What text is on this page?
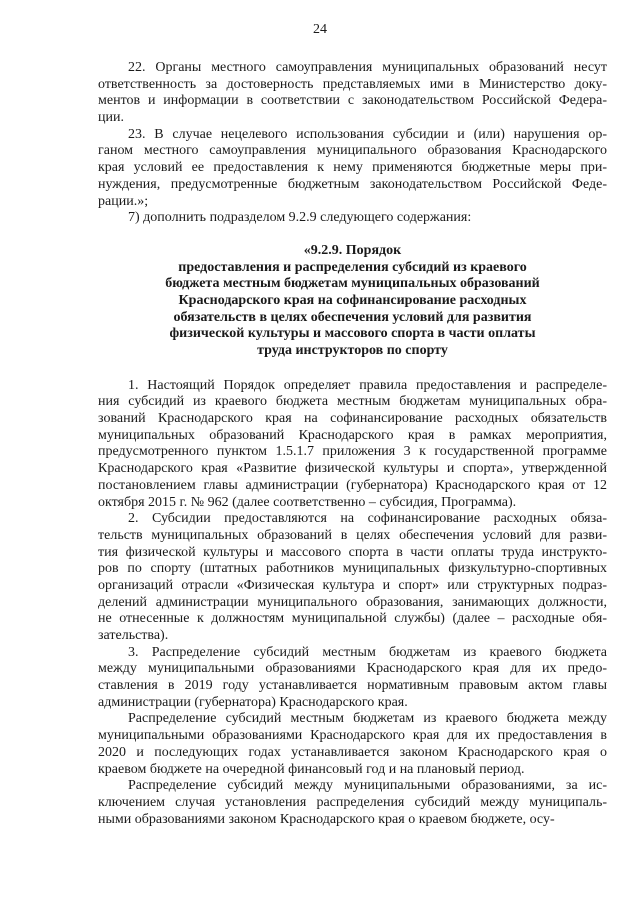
24
22. Органы местного самоуправления муниципальных образований несут
ответственность за достоверность представляемых ими в Министерство доку-
ментов и информации в соответствии с законодательством Российской Федера-
ции.
23. В случае нецелевого использования субсидии и (или) нарушения ор-
ганом местного самоуправления муниципального образования Краснодарского
края условий ее предоставления к нему применяются бюджетные меры при-
нуждения, предусмотренные бюджетным законодательством Российской Феде-
рации.»;
7) дополнить подразделом 9.2.9 следующего содержания:
«9.2.9. Порядок
предоставления и распределения субсидий из краевого
бюджета местным бюджетам муниципальных образований
Краснодарского края на софинансирование расходных
обязательств в целях обеспечения условий для развития
физической культуры и массового спорта в части оплаты
труда инструкторов по спорту
1. Настоящий Порядок определяет правила предоставления и распределе-
ния субсидий из краевого бюджета местным бюджетам муниципальных обра-
зований Краснодарского края на софинансирование расходных обязательств
муниципальных образований Краснодарского края в рамках мероприятия,
предусмотренного пунктом 1.5.1.7 приложения 3 к государственной программе
Краснодарского края «Развитие физической культуры и спорта», утвержденной
постановлением главы администрации (губернатора) Краснодарского края от 12
октября 2015 г. № 962 (далее соответственно – субсидия, Программа).
2. Субсидии предоставляются на софинансирование расходных обяза-
тельств муниципальных образований в целях обеспечения условий для разви-
тия физической культуры и массового спорта в части оплаты труда инструкто-
ров по спорту (штатных работников муниципальных физкультурно-спортивных
организаций отрасли «Физическая культура и спорт» или структурных подраз-
делений администрации муниципального образования, занимающих должности,
не отнесенные к должностям муниципальной службы) (далее – расходные обя-
зательства).
3. Распределение субсидий местным бюджетам из краевого бюджета
между муниципальными образованиями Краснодарского края для их предо-
ставления в 2019 году устанавливается нормативным правовым актом главы
администрации (губернатора) Краснодарского края.
Распределение субсидий местным бюджетам из краевого бюджета между
муниципальными образованиями Краснодарского края для их предоставления в
2020 и последующих годах устанавливается законом Краснодарского края о
краевом бюджете на очередной финансовый год и на плановый период.
Распределение субсидий между муниципальными образованиями, за ис-
ключением случая установления распределения субсидий между муниципаль-
ными образованиями законом Краснодарского края о краевом бюджете, осу-
